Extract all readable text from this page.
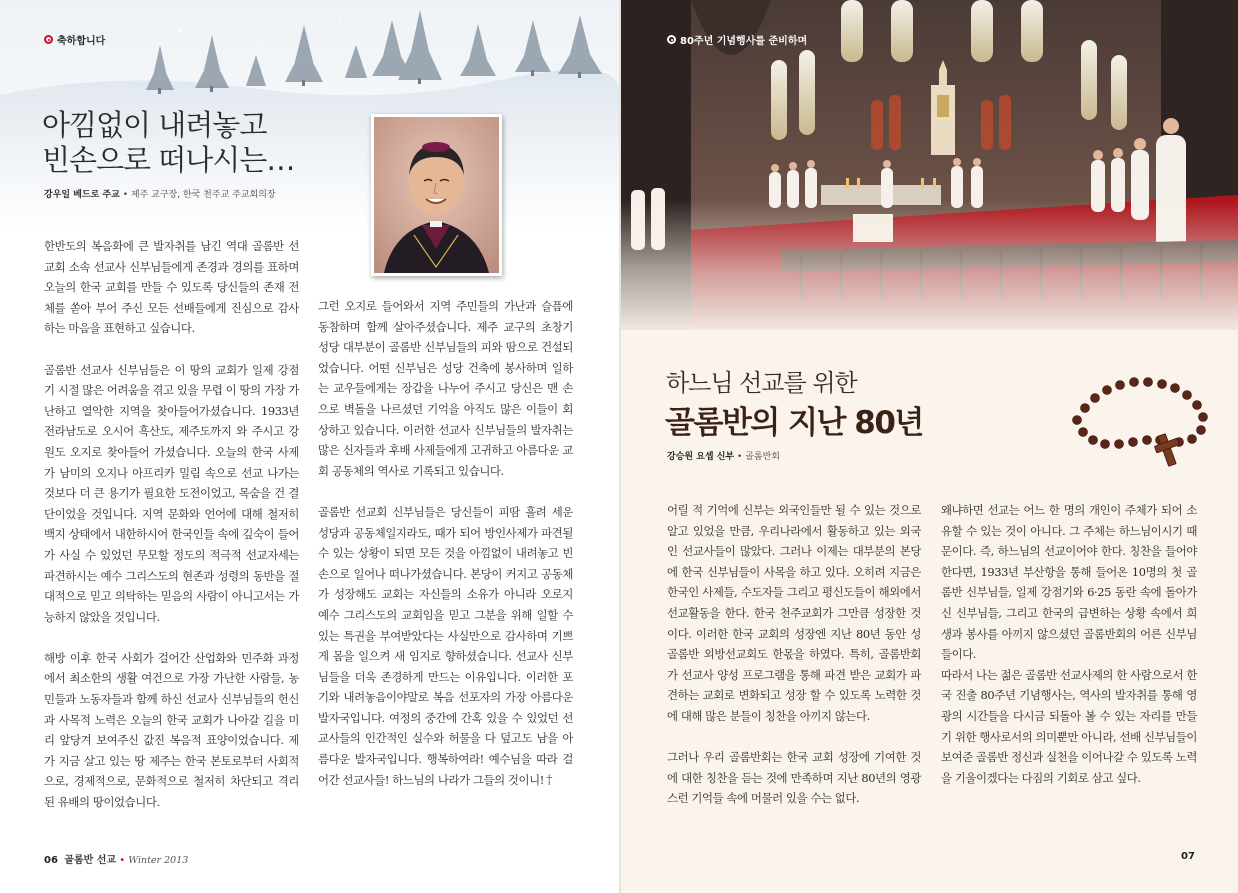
축하합니다
아낌없이 내려놓고
빈손으로 떠나시는…
강우일 베드로 주교 • 제주 교구장, 한국 천주교 주교회의장

한반도의 복음화에 큰 발자취를 남긴 역대 골롬반 선교회 소속 선교사 신부님들에게 존경과 경의를 표하며 오늘의 한국 교회를 만들 수 있도록 당신들의 존재 전체를 쏟아 부어 주신 모든 선배들에게 진심으로 감사하는 마음을 표현하고 싶습니다.

골롬반 선교사 신부님들은 이 땅의 교회가 일제 강점기 시절 많은 어려움을 겪고 있을 무렵 이 땅의 가장 가난하고 열악한 지역을 찾아들어가셨습니다. 1933년 전라남도로 오시어 흑산도, 제주도까지 와 주시고 강원도 오지로 찾아들어 가셨습니다. 오늘의 한국 사제가 남미의 오지나 아프리카 밀림 속으로 선교 나가는 것보다 더 큰 용기가 필요한 도전이었고, 목숨을 건 결단이었을 것입니다. 지역 문화와 언어에 대해 철저히 백지 상태에서 내한하시어 한국인들 속에 깊숙이 들어가 사실 수 있었던 무모할 정도의 적극적 선교자세는 파견하시는 예수 그리스도의 현존과 성령의 동반을 절대적으로 믿고 의탁하는 믿음의 사람이 아니고서는 가능하지 않았을 것입니다.

해방 이후 한국 사회가 걸어간 산업화와 민주화 과정에서 최소한의 생활 여건으로 가장 가난한 사람들, 농민들과 노동자들과 함께 하신 선교사 신부님들의 헌신과 사목적 노력은 오늘의 한국 교회가 나아갈 길을 미리 앞당겨 보여주신 값진 복음적 표양이었습니다. 제가 지금 살고 있는 땅 제주는 한국 본토로부터 사회적으로, 경제적으로, 문화적으로 철저히 차단되고 격리된 유배의 땅이었습니다.

그런 오지로 들어와서 지역 주민들의 가난과 슬픔에 동참하며 함께 살아주셨습니다. 제주 교구의 초창기 성당 대부분이 골롬반 신부님들의 피와 땀으로 건설되었습니다. 어떤 신부님은 성당 건축에 봉사하며 일하는 교우들에게는 장갑을 나누어 주시고 당신은 맨 손으로 벽돌을 나르셨던 기억을 아직도 많은 이들이 회상하고 있습니다. 이러한 선교사 신부님들의 발자취는 많은 신자들과 후배 사제들에게 고귀하고 아름다운 교회 공동체의 역사로 기록되고 있습니다.

골롬반 선교회 신부님들은 당신들이 피땀 흘려 세운 성당과 공동체일지라도, 때가 되어 방인사제가 파견될 수 있는 상황이 되면 모든 것을 아낌없이 내려놓고 빈손으로 일어나 떠나가셨습니다. 본당이 커지고 공동체가 성장해도 교회는 자신들의 소유가 아니라 오로지 예수 그리스도의 교회임을 믿고 그분을 위해 일할 수 있는 특권을 부여받았다는 사실만으로 감사하며 기쁘게 몸을 일으켜 새 임지로 향하셨습니다. 선교사 신부님들을 더욱 존경하게 만드는 이유입니다. 이러한 포기와 내려놓음이야말로 복음 선포자의 가장 아름다운 발자국입니다. 여정의 중간에 간혹 있을 수 있었던 선교사들의 인간적인 실수와 허물을 다 덮고도 남을 아름다운 발자국입니다. 행복하여라! 예수님을 따라 걸어간 선교사들! 하느님의 나라가 그들의 것이니! †

06 골롬반 선교 • Winter 2013
80주년 기념행사를 준비하며
하느님 선교를 위한
골롬반의 지난 80년
강승원 요셉 신부 • 골롬반회

어릴 적 기억에 신부는 외국인들만 될 수 있는 것으로 알고 있었을 만큼, 우리나라에서 활동하고 있는 외국인 선교사들이 많았다. 그러나 이제는 대부분의 본당에 한국 신부님들이 사목을 하고 있다. 오히려 지금은 한국인 사제들, 수도자들 그리고 평신도들이 해외에서 선교활동을 한다. 한국 천주교회가 그만큼 성장한 것이다. 이러한 한국 교회의 성장엔 지난 80년 동안 성 골롬반 외방선교회도 한몫을 하였다. 특히, 골롬반회가 선교사 양성 프로그램을 통해 파견 받은 교회가 파견하는 교회로 변화되고 성장 할 수 있도록 노력한 것에 대해 많은 분들이 칭찬을 아끼지 않는다.

그러나 우리 골롬반회는 한국 교회 성장에 기여한 것에 대한 칭찬을 듣는 것에 만족하며 지난 80년의 영광스런 기억들 속에 머물러 있을 수는 없다.

왜냐하면 선교는 어느 한 명의 개인이 주체가 되어 소유할 수 있는 것이 아니다. 그 주체는 하느님이시기 때문이다. 즉, 하느님의 선교이어야 한다. 칭찬을 들어야 한다면, 1933년 부산항을 통해 들어온 10명의 첫 골롬반 신부님들, 일제 강점기와 6·25 동란 속에 돌아가신 신부님들, 그리고 한국의 급변하는 상황 속에서 희생과 봉사를 아끼지 않으셨던 골롬반회의 어른 신부님들이다.

따라서 나는 젊은 골롬반 선교사제의 한 사람으로서 한국 진출 80주년 기념행사는, 역사의 발자취를 통해 영광의 시간들을 다시금 되돌아 볼 수 있는 자리를 만들기 위한 행사로서의 의미뿐만 아니라, 선배 신부님들이 보여준 골롬반 정신과 실천을 이어나갈 수 있도록 노력을 기울이겠다는 다짐의 기회로 삼고 싶다.

07
